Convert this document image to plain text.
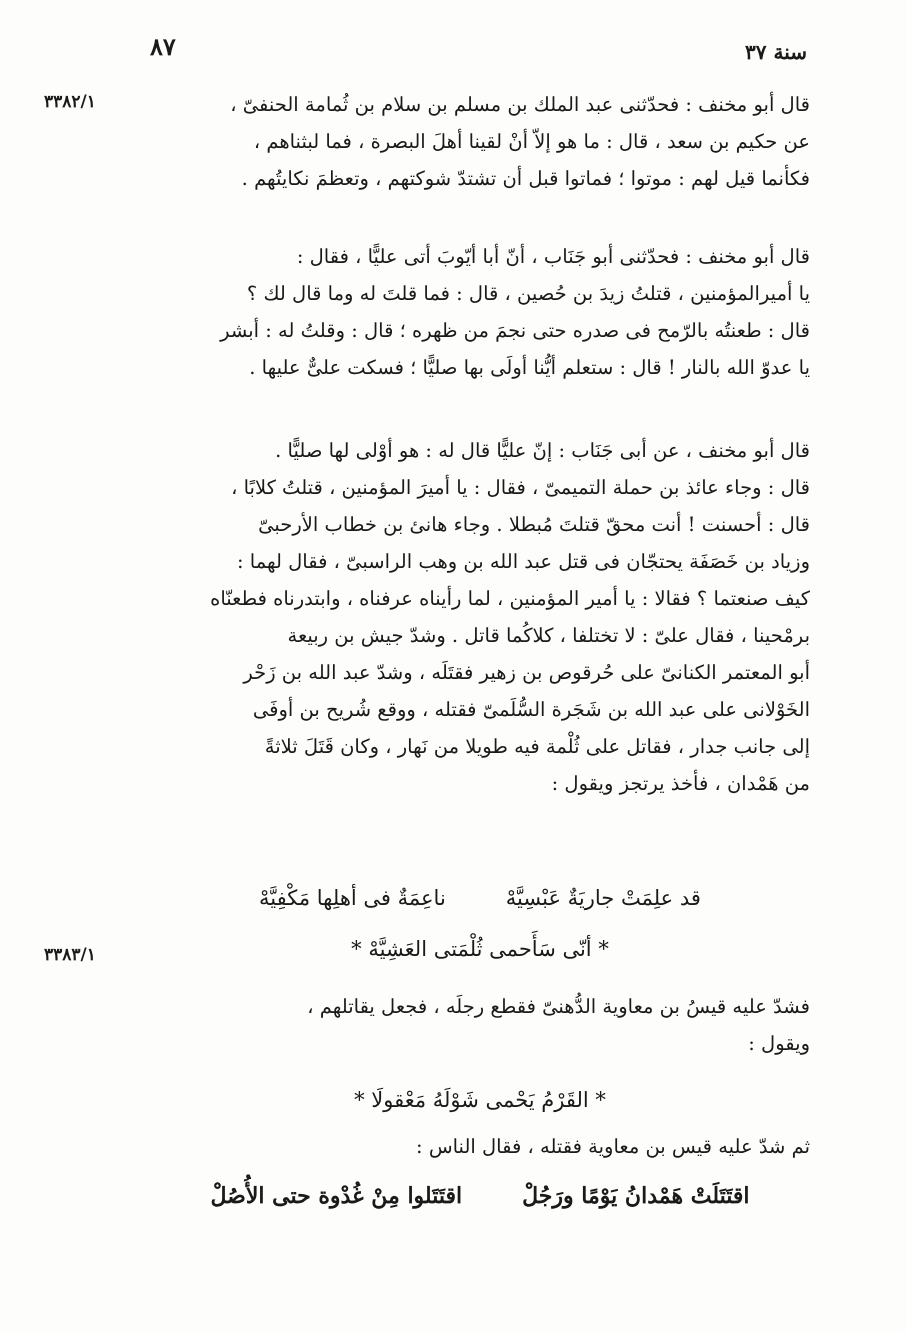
٨٧	سنة ٣٧
٣٣٨٢/١
٣٣٨٣/١

قال أبو مخنف : فحدّثنى عبد الملك بن مسلم بن سلام بن ثُمامة الحنفىّ ،

عن حكيم بن سعد ، قال : ما هو إلاّ أنْ لقينا أهلَ البصرة ، فما لبثناهم ،

فكأنما قيل لهم : موتوا ؛ فماتوا قبل أن تشتدّ شوكتهم ، وتعظمَ نكايتُهم .

قال أبو مخنف : فحدّثنى أبو جَنَاب ، أنّ أبا أيّوبَ أتى عليًّا ، فقال :

يا أميرالمؤمنين ، قتلتُ زيدَ بن حُصين ، قال : فما قلتَ له وما قال لك ؟

قال : طعنتُه بالرّمح فى صدره حتى نجمَ من ظهره ؛ قال : وقلتُ له : أبشر

يا عدوّ الله بالنار ! قال : ستعلم أيُّنا أولَى بها صليًّا ؛ فسكت علىٌّ عليها .

قال أبو مخنف ، عن أبى جَنَاب : إنّ عليًّا قال له : هو أوْلى لها صليًّا .

قال : وجاء عائذ بن حملة التميمىّ ، فقال : يا أميرَ المؤمنين ، قتلتُ كلابًا ،

قال : أحسنت ! أنت محقّ قتلتَ مُبطلا . وجاء هانئ بن خطاب الأرحبىّ

وزياد بن خَصَفَة يحتجّان فى قتل عبد الله بن وهب الراسبىّ ، فقال لهما :

كيف صنعتما ؟ فقالا : يا أمير المؤمنين ، لما رأيناه عرفناه ، وابتدرناه فطعنّاه

برمْحينا ، فقال علىّ : لا تختلفا ، كلاكُما قاتل . وشدّ جيش بن ربيعة

أبو المعتمر الكنانىّ على حُرقوص بن زهير فقتَلَه ، وشدّ عبد الله بن زَحْر

الخَوْلانى على عبد الله بن شَجَرة السُّلَمىّ فقتله ، ووقع شُريح بن أوفَى

إلى جانب جدار ، فقاتل على ثُلْمة فيه طويلا من نَهار ، وكان قَتَلَ ثلاثةً

من هَمْدان ، فأخذ يرتجز ويقول :

قد علِمَتْ جاريَةٌ عَبْسِيَّهْ
ناعِمَةٌ فى أهلِها مَكْفِيَّهْ
* أنّى سَأَحمى ثُلْمَتى العَشِيَّهْ *

فشدّ عليه قيسُ بن معاوية الدُّهنىّ فقطع رجلَه ، فجعل يقاتلهم ،

ويقول :

* القَرْمُ يَحْمى شَوْلَهُ مَعْقولَا *

ثم شدّ عليه قيس بن معاوية فقتله ، فقال الناس :

اقتَتَلَتْ هَمْدانُ يَوْمًا ورَجُلْ
اقتَتَلوا مِنْ غُدْوة حتى الأُصُلْ
